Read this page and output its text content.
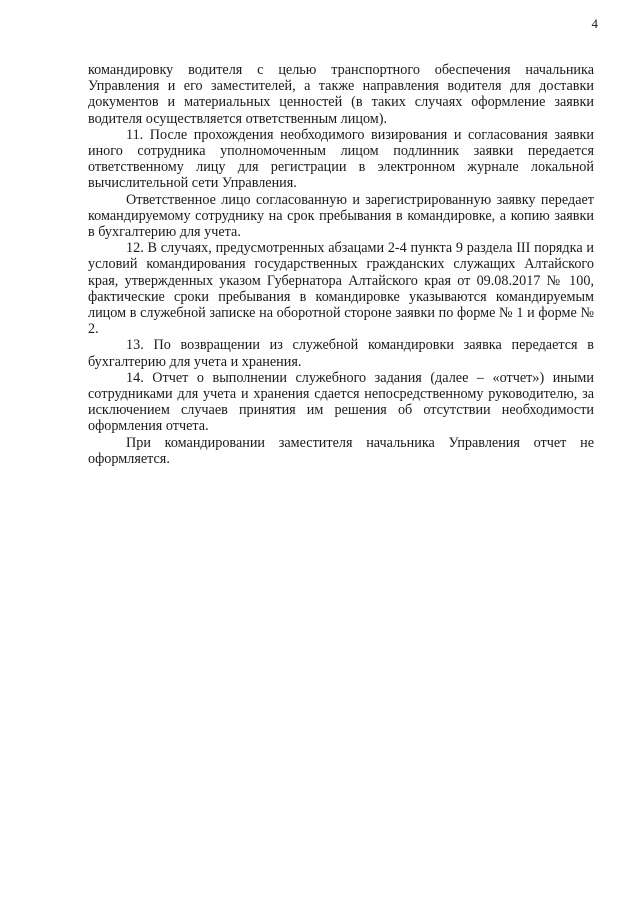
4

командировку водителя с целью транспортного обеспечения начальника Управления и его заместителей, а также направления водителя для доставки документов и материальных ценностей (в таких случаях оформление заявки водителя осуществляется ответственным лицом).

11. После прохождения необходимого визирования и согласования заявки иного сотрудника уполномоченным лицом подлинник заявки передается ответственному лицу для регистрации в электронном журнале локальной вычислительной сети Управления.

Ответственное лицо согласованную и зарегистрированную заявку передает командируемому сотруднику на срок пребывания в командировке, а копию заявки в бухгалтерию для учета.

12. В случаях, предусмотренных абзацами 2-4 пункта 9 раздела III порядка и условий командирования государственных гражданских служащих Алтайского края, утвержденных указом Губернатора Алтайского края от 09.08.2017 № 100, фактические сроки пребывания в командировке указываются командируемым лицом в служебной записке на оборотной стороне заявки по форме № 1 и форме № 2.

13. По возвращении из служебной командировки заявка передается в бухгалтерию для учета и хранения.

14. Отчет о выполнении служебного задания (далее – «отчет») иными сотрудниками для учета и хранения сдается непосредственному руководителю, за исключением случаев принятия им решения об отсутствии необходимости оформления отчета.

При командировании заместителя начальника Управления отчет не оформляется.
